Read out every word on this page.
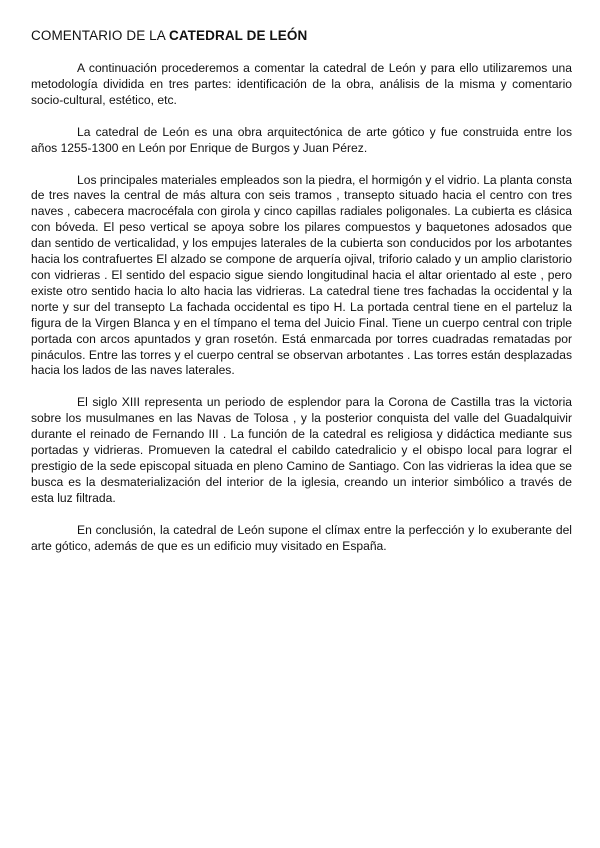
COMENTARIO DE LA CATEDRAL DE LEÓN

A continuación procederemos a comentar la catedral de León y para ello utilizaremos una metodología dividida en tres partes: identificación de la obra, análisis de la misma y comentario socio-cultural, estético, etc.

La catedral de León es una obra arquitectónica de arte gótico y fue construida entre los años 1255-1300 en León por Enrique de Burgos y Juan Pérez.

Los principales materiales empleados son la piedra, el hormigón y el vidrio. La planta consta de tres naves la central de más altura con seis tramos , transepto situado hacia el centro con tres naves , cabecera macrocéfala con girola y cinco capillas radiales poligonales. La cubierta es clásica con bóveda. El peso vertical se apoya sobre los pilares compuestos y baquetones adosados que dan sentido de verticalidad, y los empujes laterales de la cubierta son conducidos por los arbotantes hacia los contrafuertes El alzado se compone de arquería ojival, triforio calado y un amplio claristorio con vidrieras . El sentido del espacio sigue siendo longitudinal hacia el altar orientado al este , pero existe otro sentido hacia lo alto hacia las vidrieras. La catedral tiene tres fachadas la occidental y la norte y sur del transepto La fachada occidental es tipo H. La portada central tiene en el parteluz la figura de la Virgen Blanca y en el tímpano el tema del Juicio Final. Tiene un cuerpo central con triple portada con arcos apuntados y gran rosetón. Está enmarcada por torres cuadradas rematadas por pináculos. Entre las torres y el cuerpo central se observan arbotantes . Las torres están desplazadas hacia los lados de las naves laterales.

El siglo XIII representa un periodo de esplendor para la Corona de Castilla tras la victoria sobre los musulmanes en las Navas de Tolosa , y la posterior conquista del valle del Guadalquivir durante el reinado de Fernando III . La función de la catedral es religiosa y didáctica mediante sus portadas y vidrieras. Promueven la catedral el cabildo catedralicio y el obispo local para lograr el prestigio de la sede episcopal situada en pleno Camino de Santiago. Con las vidrieras la idea que se busca es la desmaterialización del interior de la iglesia, creando un interior simbólico a través de esta luz filtrada.

En conclusión, la catedral de León supone el clímax entre la perfección y lo exuberante del arte gótico, además de que es un edificio muy visitado en España.
